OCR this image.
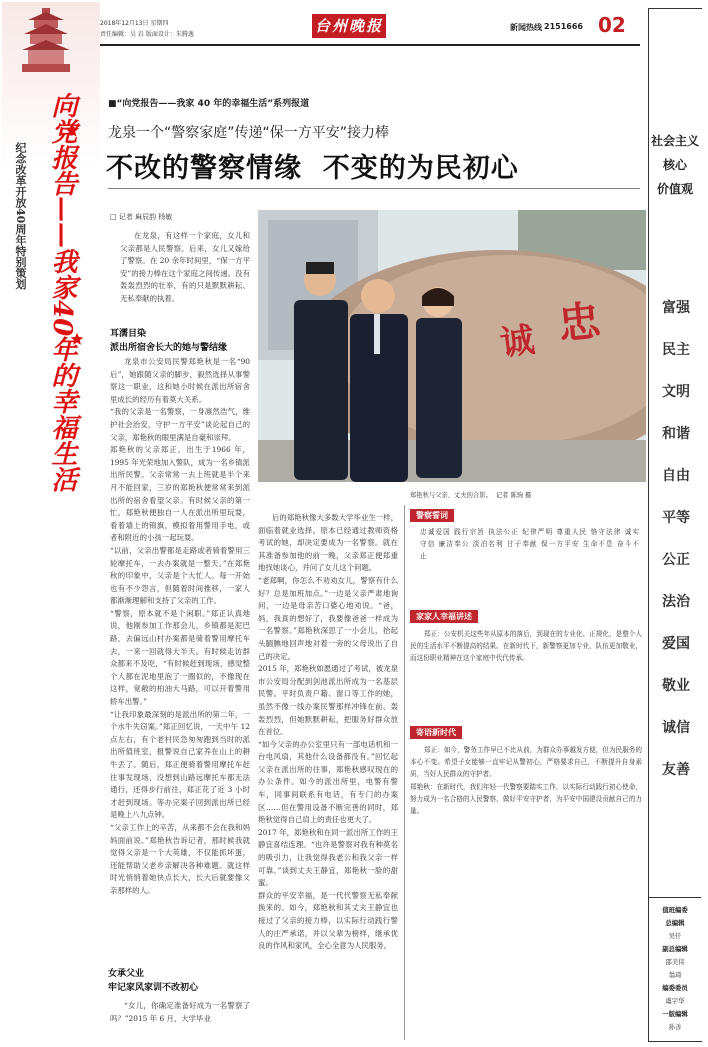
2018年12月13日 星期四
责任编辑：吴 岩 版面设计：朱腾逸	台州晚报	新闻热线 2151666 02
向党报告——我家40年的幸福生活
纪念改革开放40周年特别策划
■“向党报告——我家 40 年的幸福生活”系列报道
龙泉一个“警察家庭”传递“保一方平安”接力棒
不改的警察情缘  不变的为民初心
□ 记者 麻辰韵 杨敏
诚 忠
郑艳秋与父亲、丈夫的合影。  记者 陈驹 摄
在龙泉，有这样一个家庭，女儿和父亲都是人民警察。后来，女儿又嫁给了警察。在 20 余年时间里，“保一方平安”的接力棒在这个家庭之间传递。没有轰轰烈烈的壮举，有的只是默默耕耘、无私奉献的执着。
耳濡目染
派出所宿舍长大的她与警结缘
龙泉市公安局民警郑艳秋是一名“90 后”，她跟随父亲的脚步，毅然选择从事警察这一职业，这和她小时候在派出所宿舍里成长的经历有着莫大关系。
“我的父亲是一名警察，一身凛然浩气，维护社会治安，守护一方平安”谈论起自己的父亲，郑艳秋的眼里满是自豪和崇拜。
郑艳秋的父亲郑正，出生于1966 年，1995 年光荣地加入警队，成为一名乡镇派出所民警。父亲常常一去上班就是半个来月不能回家，三岁的郑艳秋便常常来到派出所的宿舍看望父亲。有时候父亲的第一忙，郑艳秋便独自一人在派出所里玩耍，看着墙上的锦旗，模拟着用警用手电，或者和附近的小孩一起玩耍。
“以前，父亲出警都是走路或者骑着警用三轮摩托车，一去办案就是一整天。”在郑艳秋的印象中，父亲是个大忙人。每一开始也有不少怨言，但随着时间推移，一家人都渐渐理解和支持了父亲的工作。
“警察，原本就不是个闲职。”郑正认真地说，他刚参加工作那会儿，乡镇都是泥巴路，去偏远山村办案都是骑着警用摩托车去，一来一回就得大半天。有时候走访群众都来不及吃，“有时候赶到现场，感觉整个人都在泥地里泡了一圈似的，不像现在这样，宽敞的柏油大马路，可以开着警用轿车出警。”
“让我印象最深刻的是派出所的第二年，一个水牛失窃案。”郑正回忆说，一天中午 12 点左右，有个老村民急匆匆跑到当时的派出所值班室，报警说自己家养在山上的耕牛丢了。随后，郑正便骑着警用摩托车赶往事发现场，没想到山路远摩托车都无法通行，还得步行前往，郑正花了近 3 小时才赶到现场。等办完案子回到派出所已经是晚上八九点钟。
“父亲工作上的辛苦，从来都不会在我和妈妈面前说。”郑艳秋告诉记者，那时候我就觉得父亲是一个大英雄，不仅能抓坏蛋，还能帮助父老乡亲解决各种难题。就这样时光悄悄着她快点长大，长大后就要像父亲那样的人。
女承父业
牢记家风家训不改初心
“女儿，你确定准备好成为一名警察了吗？”2015 年 6 月，大学毕业
后的郑艳秋像大多数大学毕业生一样，面临着就业选择。原本已经通过教师资格考试的她，却决定要成为一名警察。就在其准备参加他的前一晚，父亲郑正便郑重地找她谈心，并问了女儿这个问题。
“老郑啊，你怎么不劝劝女儿，警察有什么好？总是加班加点。”一边是父亲严肃地询问，一边是母亲苦口婆心地劝说。“爸，妈，我真的想好了，我要像爸爸一样成为一名警察。”郑艳秋深思了一小会儿，抬起头腼腆地回声地对着一旁的父母说出了自己的决定。
2015 年，郑艳秋如愿通过了考试，被龙泉市公安局分配到剑池派出所成为一名基层民警。平时负责户籍、窗口等工作的她，虽然不像一线办案民警那样冲锋在前、轰轰烈烈，但她默默耕耘，把服务好群众放在首位。
“如今父亲的办公室里只有一部电话机和一台电风扇，其他什么设备都没有。”回忆起父亲在派出所的往事，郑艳秋感叹现在的办公条件。如今的派出所里，电警有警车，同事间联系有电话，有专门的办案区……但在警用设备不断完善的同时，郑艳秋觉得自己肩上的责任也更大了。
2017 年，郑艳秋和在同一派出所工作的王静宜喜结连理。“也许是警察对我有种莫名的吸引力，让我觉得我老公和我父亲一样可靠。”谈到丈夫王静宜，郑艳秋一脸的甜蜜。
群众的平安幸福，是一代代警察无私奉献换来的。如今，郑艳秋和其丈夫王静宜也接过了父亲的接力棒，以实际行动践行警人的庄严承诺，并以父辈为榜样，继承优良的作风和家风，全心全意为人民服务。
警察誓词
忠诚爱国 践行宗旨 执法公正 纪律严明 尊重人民 恪守法律 诚实守信 廉洁奉公 淡泊名利 甘于奉献 保一方平安 生命不息 奋斗不止
家家人幸福讲述
郑正：公安机关这些年从原本的落后，到现在的专业化、正规化，是整个人民的生活水平不断提高的结果。在新时代下，新警察更加专业，队伍更加敬业，而这份职业精神在这个家庭中代代传承。
寄语新时代
郑正：如今，警务工作早已不比从前，为群众办事越发方便，但为民服务的本心不变。希望子女能够一直牢记从警初心，严格要求自己，不断提升自身素质，当好人民群众的守护者。
郑艳秋：在新时代，我们年轻一代警察要踏实工作，以实际行动践行初心使命，努力成为一名合格的人民警察，做好平安守护者，为平安中国建设贡献自己的力量。
社会主义
核心
价值观
富强
民主
文明
和谐
自由
平等
公正
法治
爱国
敬业
诚信
友善
值班编委
总编辑
吴仟
副总编辑
邵美伟
翁琦
编委委员
虞宇华
一版编辑
孙善
